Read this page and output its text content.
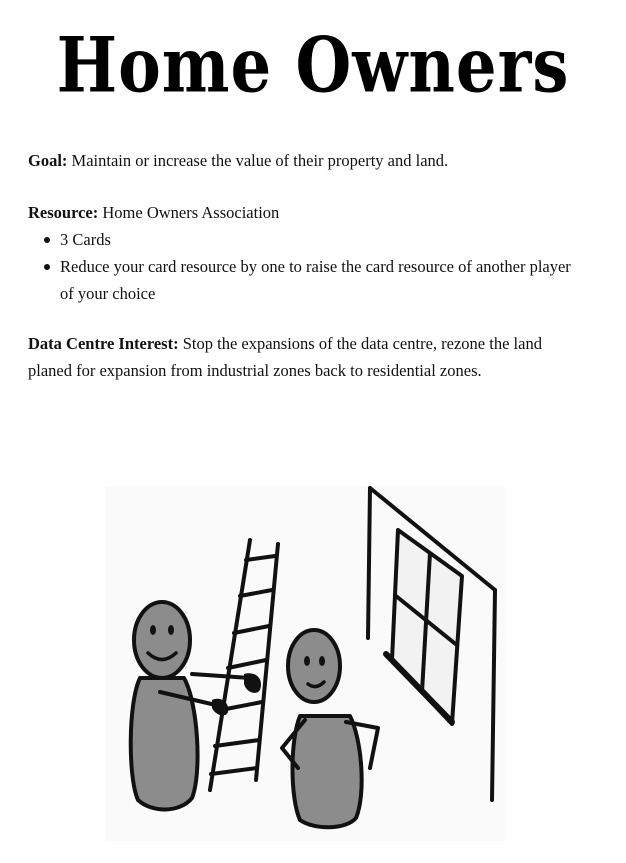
Home Owners
Goal: Maintain or increase the value of their property and land.
Resource: Home Owners Association
3 Cards
Reduce your card resource by one to raise the card resource of another player of your choice
Data Centre Interest: Stop the expansions of the data centre, rezone the land planed for expansion from industrial zones back to residential zones.
